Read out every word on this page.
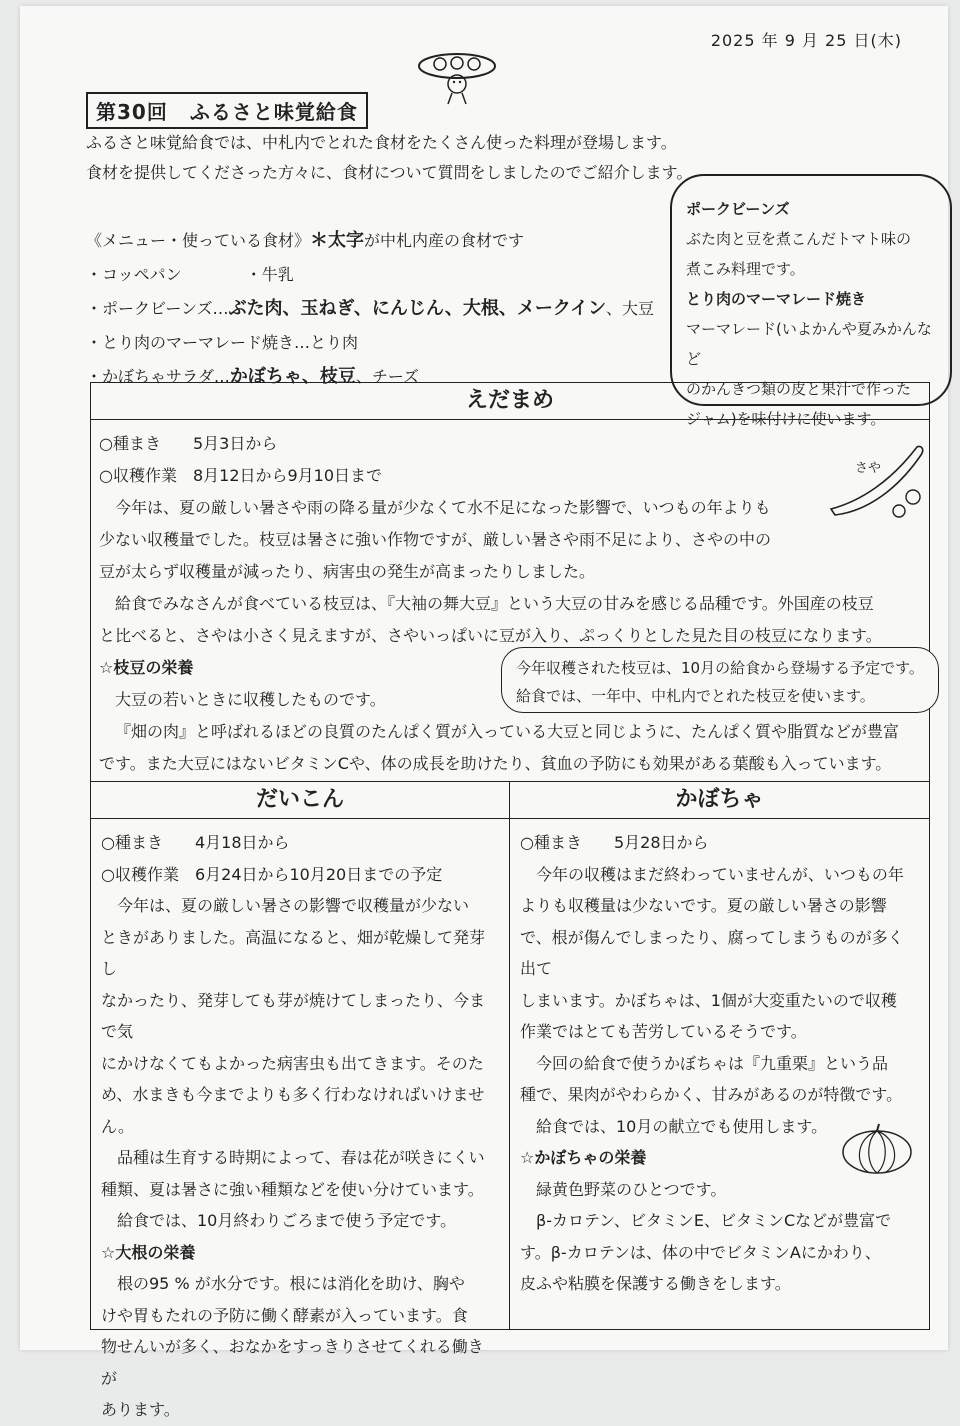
2025 年 9 月 25 日(木)
第30回 ふるさと味覚給食
ふるさと味覚給食では、中札内でとれた食材をたくさん使った料理が登場します。
食材を提供してくださった方々に、食材について質問をしましたのでご紹介します。
《メニュー・使っている食材》＊太字が中札内産の食材です
・コッペパン　　　　・牛乳
・ポークビーンズ…ぶた肉、玉ねぎ、にんじん、大根、メークイン、大豆
・とり肉のマーマレード焼き…とり肉
・かぼちゃサラダ…かぼちゃ、枝豆、チーズ
ポークビーンズ
ぶた肉と豆を煮こんだトマト味の
煮こみ料理です。
とり肉のマーマレード焼き
マーマレード(いよかんや夏みかんなど
のかんきつ類の皮と果汁で作った
ジャム)を味付けに使います。
えだまめ
さや

○種まき　　5月3日から

○収穫作業　8月12日から9月10日まで

今年は、夏の厳しい暑さや雨の降る量が少なくて水不足になった影響で、いつもの年よりも

少ない収穫量でした。枝豆は暑さに強い作物ですが、厳しい暑さや雨不足により、さやの中の

豆が太らず収穫量が減ったり、病害虫の発生が高まったりしました。

給食でみなさんが食べている枝豆は、『大袖の舞大豆』という大豆の甘みを感じる品種です。外国産の枝豆

と比べると、さやは小さく見えますが、さやいっぱいに豆が入り、ぷっくりとした見た目の枝豆になります。

☆枝豆の栄養

大豆の若いときに収穫したものです。

『畑の肉』と呼ばれるほどの良質のたんぱく質が入っている大豆と同じように、たんぱく質や脂質などが豊富

です。また大豆にはないビタミンCや、体の成長を助けたり、貧血の予防にも効果がある葉酸も入っています。

今年収穫された枝豆は、10月の給食から登場する予定です。
給食では、一年中、中札内でとれた枝豆を使います。
だいこん

○種まき　　4月18日から

○収穫作業　6月24日から10月20日までの予定

今年は、夏の厳しい暑さの影響で収穫量が少ない

ときがありました。高温になると、畑が乾燥して発芽し

なかったり、発芽しても芽が焼けてしまったり、今まで気

にかけなくてもよかった病害虫も出てきます。そのた

め、水まきも今までよりも多く行わなければいけません。

品種は生育する時期によって、春は花が咲きにくい

種類、夏は暑さに強い種類などを使い分けています。

給食では、10月終わりごろまで使う予定です。

☆大根の栄養

根の95 % が水分です。根には消化を助け、胸や

けや胃もたれの予防に働く酵素が入っています。食

物せんいが多く、おなかをすっきりさせてくれる働きが

あります。

かぼちゃ

○種まき　　5月28日から

今年の収穫はまだ終わっていませんが、いつもの年

よりも収穫量は少ないです。夏の厳しい暑さの影響

で、根が傷んでしまったり、腐ってしまうものが多く出て

しまいます。かぼちゃは、1個が大変重たいので収穫

作業ではとても苦労しているそうです。

今回の給食で使うかぼちゃは『九重栗』という品

種で、果肉がやわらかく、甘みがあるのが特徴です。

給食では、10月の献立でも使用します。

☆かぼちゃの栄養

緑黄色野菜のひとつです。

β-カロテン、ビタミンE、ビタミンCなどが豊富で

す。β-カロテンは、体の中でビタミンAにかわり、

皮ふや粘膜を保護する働きをします。
